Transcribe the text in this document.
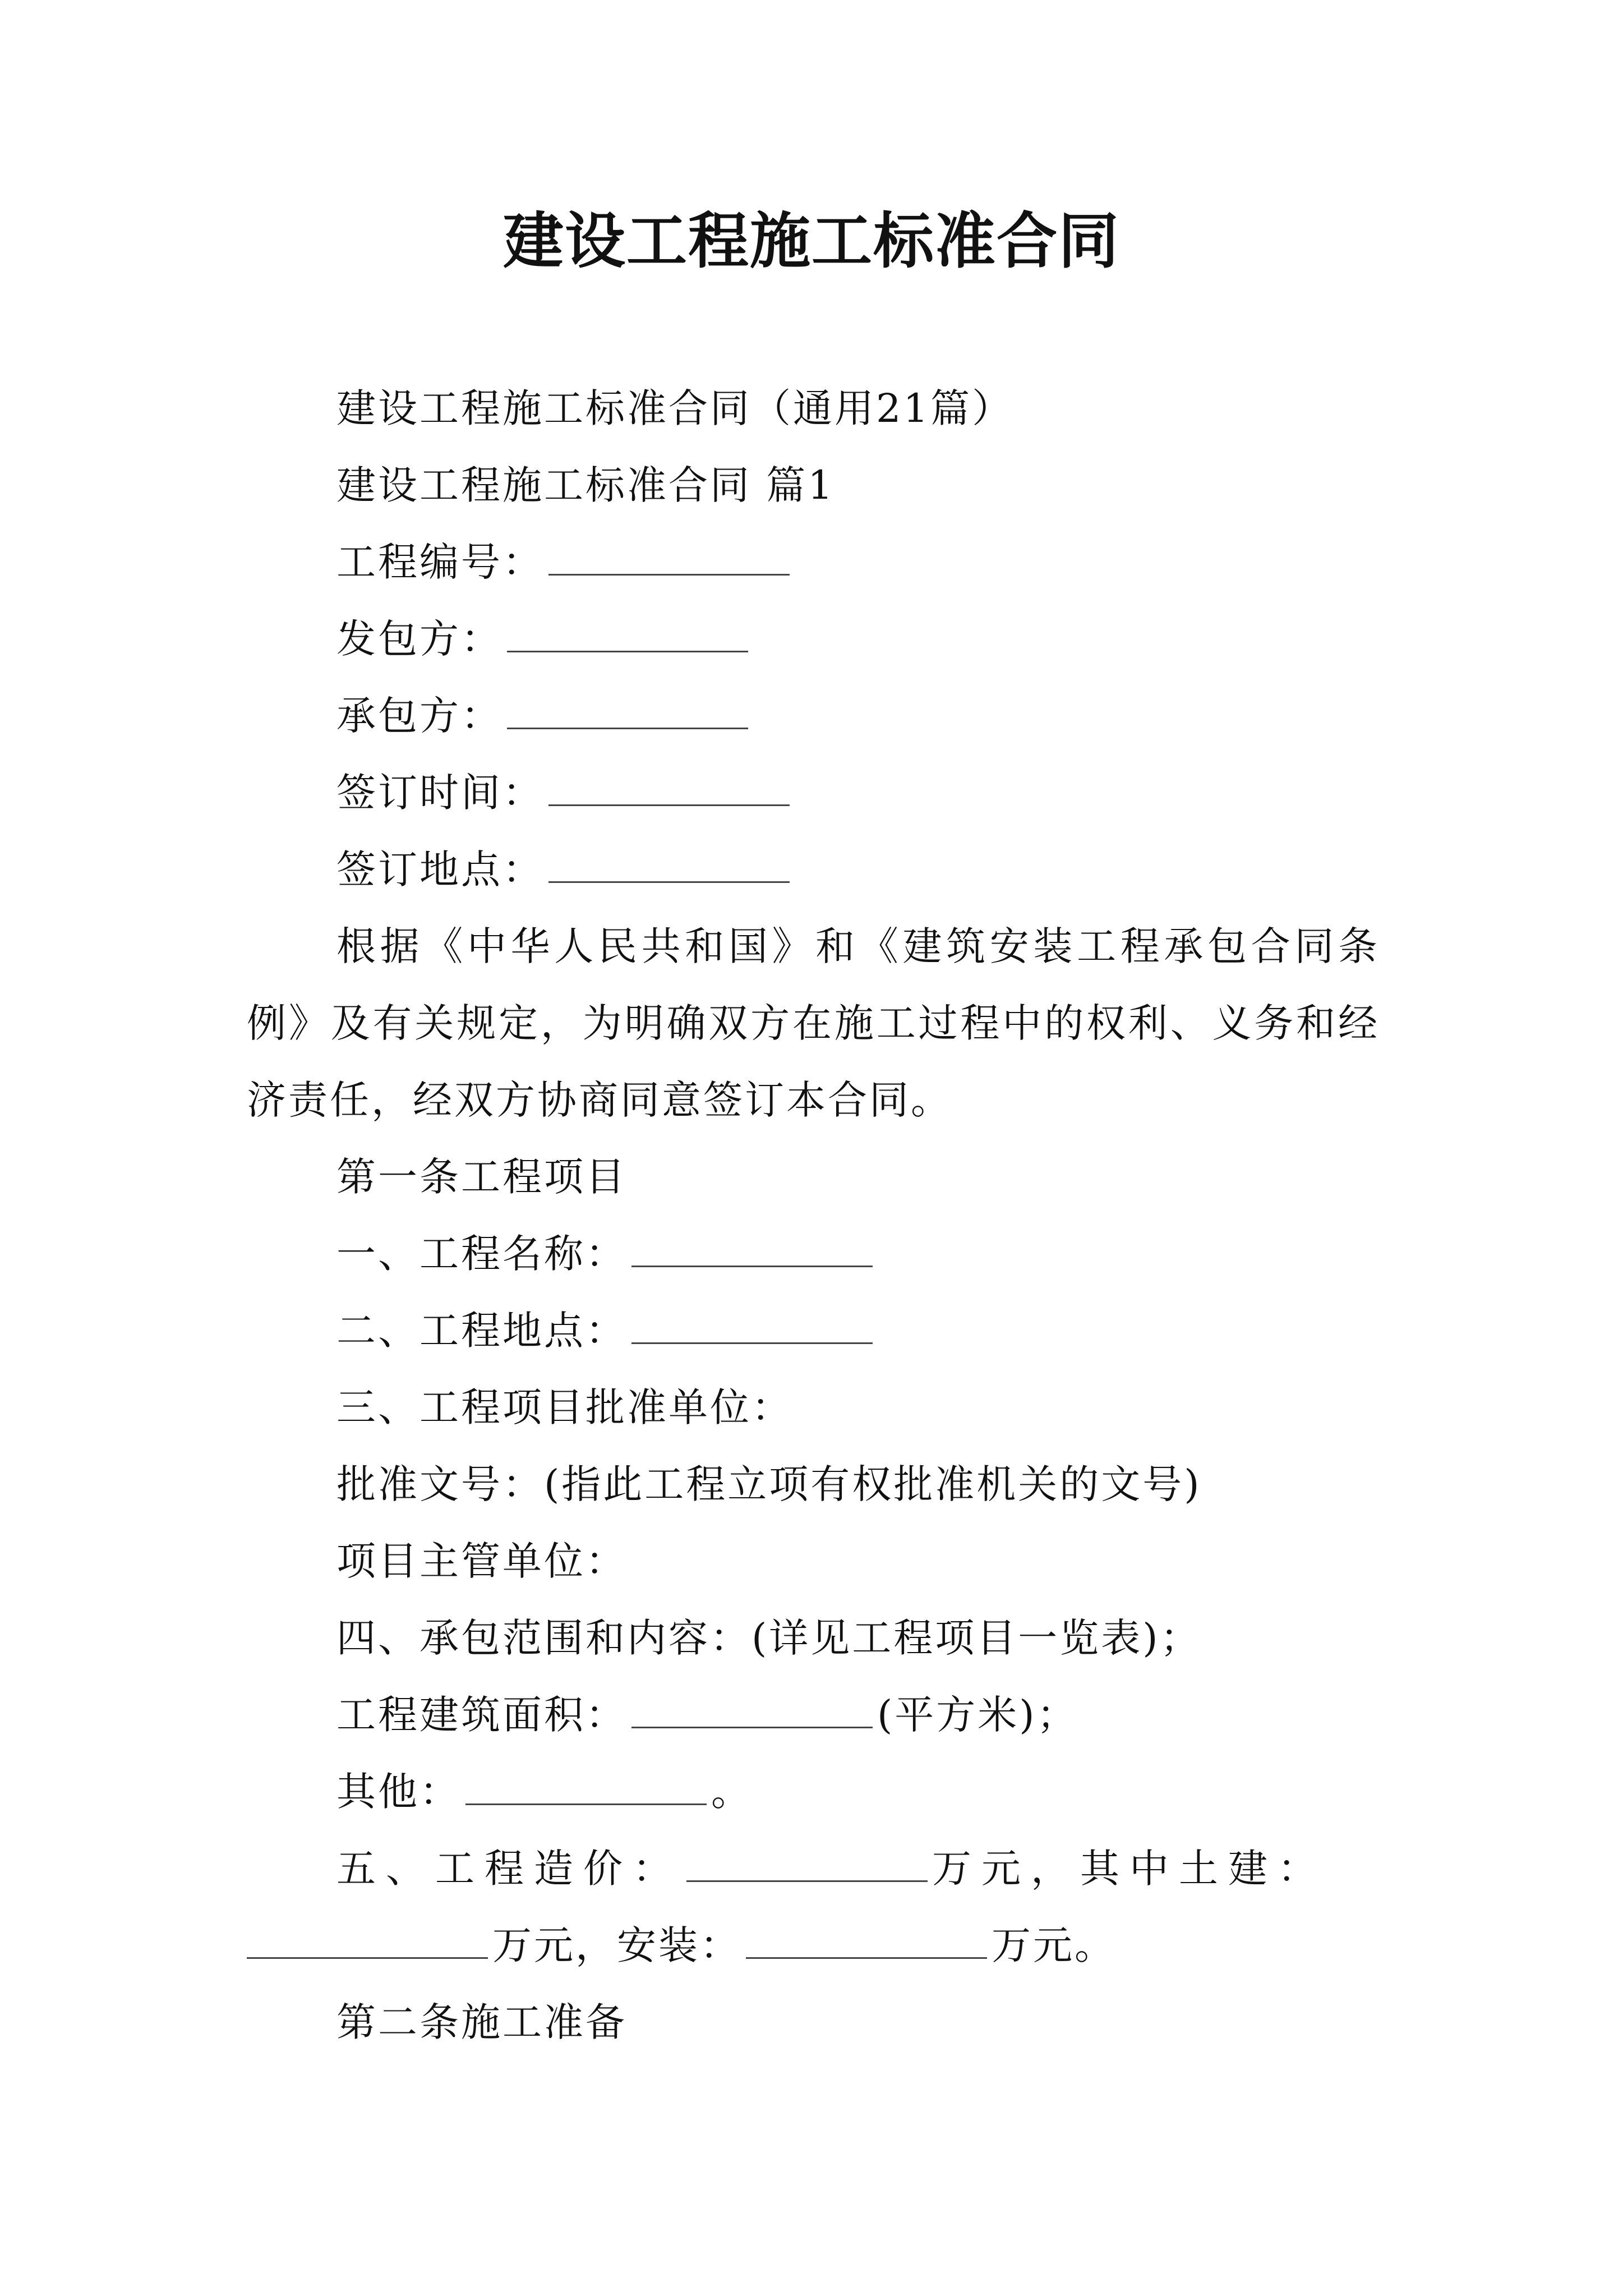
建设工程施工标准合同

建设工程施工标准合同（通用21篇）

建设工程施工标准合同 篇1

工程编号：

发包方：

承包方：

签订时间：

签订地点：

根据《中华人民共和国》和《建筑安装工程承包合同条例》及有关规定，为明确双方在施工过程中的权利、义务和经济责任，经双方协商同意签订本合同。

第一条工程项目

一、工程名称：

二、工程地点：

三、工程项目批准单位：

批准文号：(指此工程立项有权批准机关的文号)

项目主管单位：

四、承包范围和内容：(详见工程项目一览表)；

工程建筑面积：	(平方米)；

其他：	。

五、工程造价：	万元，其中土建：

万元，安装：	万元。

第二条施工准备
